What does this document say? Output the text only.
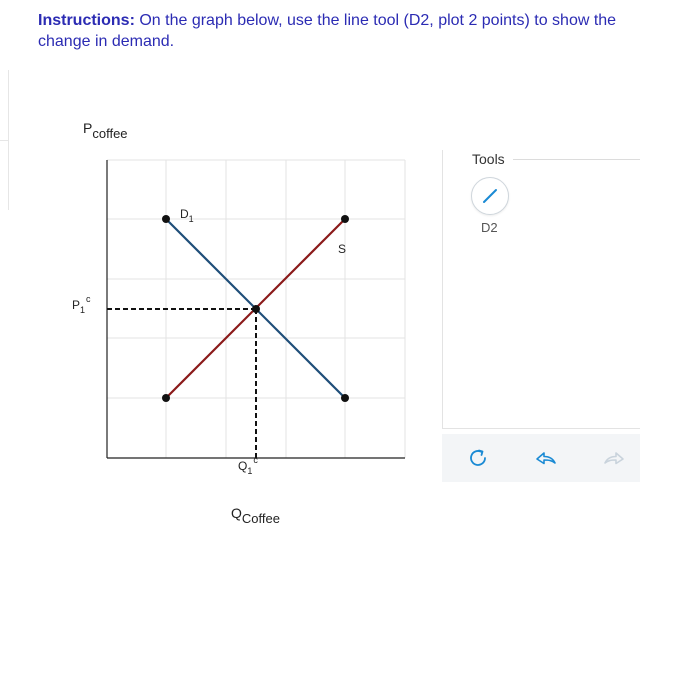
Instructions: On the graph below, use the line tool (D2, plot 2 points) to show the change in demand.
Pcoffee
QCoffee
$P_1^c$
$Q_1^c$
$D_1$
S
Tools
D2
